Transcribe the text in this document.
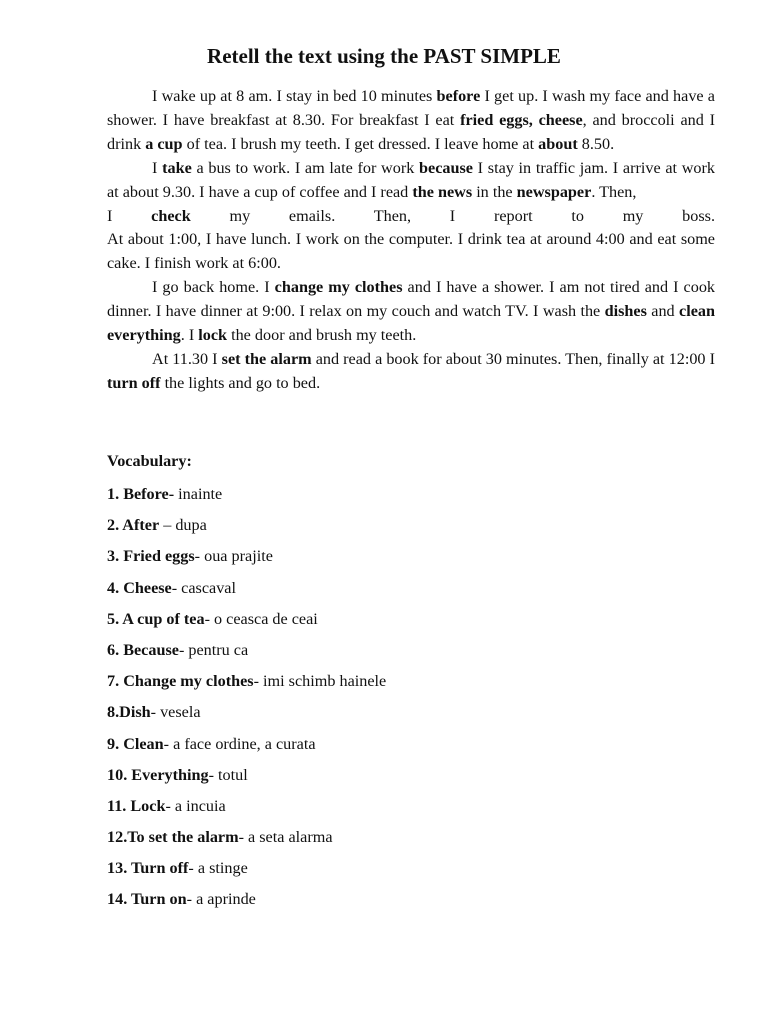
Retell the text using the PAST SIMPLE

I wake up at 8 am. I stay in bed 10 minutes before I get up. I wash my face and have a shower. I have breakfast at 8.30. For breakfast I eat fried eggs, cheese, and broccoli and I drink a cup of tea. I brush my teeth. I get dressed. I leave home at about 8.50.

I take a bus to work. I am late for work because I stay in traffic jam. I arrive at work at about 9.30. I have a cup of coffee and I read the news in the newspaper. Then,

I check my emails. Then, I report to my boss.

At about 1:00, I have lunch. I work on the computer. I drink tea at around 4:00 and eat some cake. I finish work at 6:00.

I go back home. I change my clothes and I have a shower. I am not tired and I cook dinner. I have dinner at 9:00. I relax on my couch and watch TV. I wash the dishes and clean everything. I lock the door and brush my teeth.

At 11.30 I set the alarm and read a book for about 30 minutes. Then, finally at 12:00 I turn off the lights and go to bed.

Vocabulary:
1. Before- inainte
2. After – dupa
3. Fried eggs- oua prajite
4. Cheese- cascaval
5. A cup of tea- o ceasca de ceai
6. Because- pentru ca
7. Change my clothes- imi schimb hainele
8.Dish- vesela
9. Clean- a face ordine, a curata
10. Everything- totul
11. Lock- a incuia
12.To set the alarm- a seta alarma
13. Turn off- a stinge
14. Turn on- a aprinde
